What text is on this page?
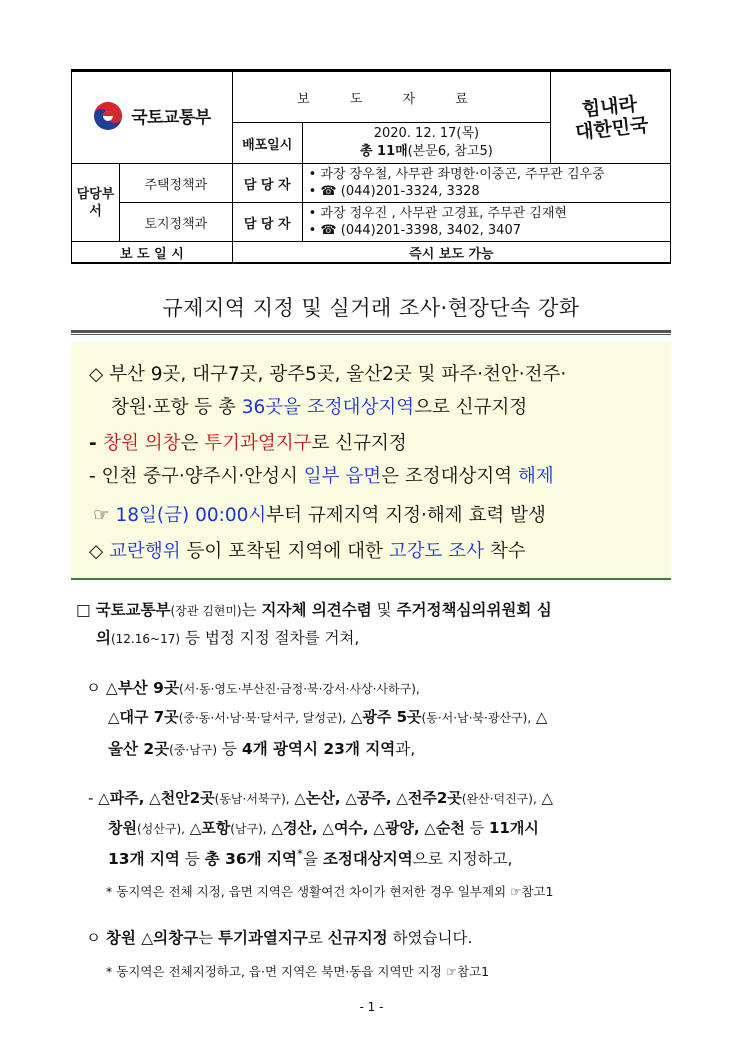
국토교통부		보 도 자 료		힘내라
대한민국
		배포일시	2020. 12. 17(목)
총 11매(본문6, 참고5)	

담당부서	주택정책과	담 당 자	• 과장 장우철, 사무관 좌명한·이중곤, 주무관 김우중
• ☎ (044)201-3324, 3328	

	토지정책과	담 당 자	• 과장 정우진 , 사무관 고경표, 주무관 김재현
• ☎ (044)201-3398, 3402, 3407	

보 도 일 시		즉시 보도 가능		
규제지역 지정 및 실거래 조사·현장단속 강화
◇ 부산 9곳, 대구7곳, 광주5곳, 울산2곳 및 파주·천안·전주·
창원·포항 등 총 36곳을 조정대상지역으로 신규지정
- 창원 의창은 투기과열지구로 신규지정
- 인천 중구·양주시·안성시 일부 읍면은 조정대상지역 해제
☞ 18일(금) 00:00시부터 규제지역 지정·해제 효력 발생
◇ 교란행위 등이 포착된 지역에 대한 고강도 조사 착수
□ 국토교통부(장관 김현미)는 지자체 의견수렴 및 주거정책심의위원회 심
의(12.16~17) 등 법정 지정 절차를 거쳐,
ㅇ △부산 9곳(서·동·영도·부산진·금정·북·강서·사상·사하구),
△대구 7곳(중·동·서·남·북·달서구, 달성군), △광주 5곳(동·서·남·북·광산구), △
울산 2곳(중·남구) 등 4개 광역시 23개 지역과,
- △파주, △천안2곳(동남·서북구), △논산, △공주, △전주2곳(완산·덕진구), △
창원(성산구), △포항(남구), △경산, △여수, △광양, △순천 등 11개시
13개 지역 등 총 36개 지역*을 조정대상지역으로 지정하고,
* 동지역은 전체 지정, 읍면 지역은 생활여건 차이가 현저한 경우 일부제외 ☞참고1
ㅇ 창원 △의창구는 투기과열지구로 신규지정 하였습니다.
* 동지역은 전체지정하고, 읍·면 지역은 북면·동읍 지역만 지정 ☞참고1
- 1 -
